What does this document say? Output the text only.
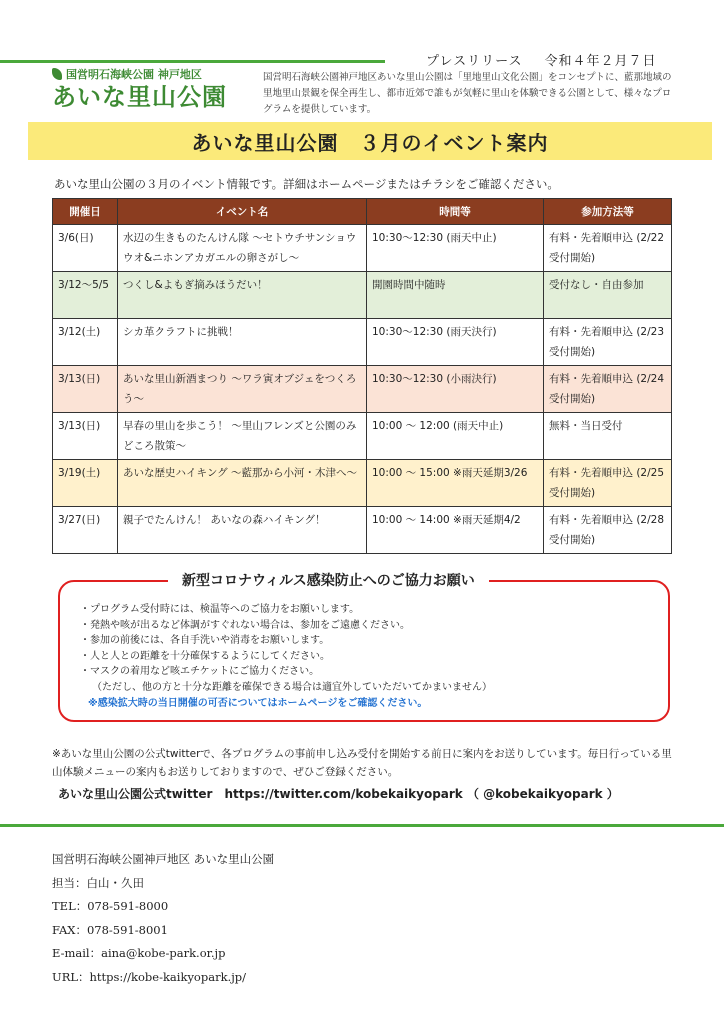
プレスリリース 令和４年２月７日
国営明石海峡公園 神戸地区
あいな里山公園
国営明石海峡公園神戸地区あいな里山公園は「里地里山文化公園」をコンセプトに、藍那地域の里地里山景観を保全再生し、都市近郊で誰もが気軽に里山を体験できる公園として、様々なプログラムを提供しています。
あいな里山公園　３月のイベント案内
あいな里山公園の３月のイベント情報です。詳細はホームページまたはチラシをご確認ください。
開催日	イベント名	時間等	参加方法等
3/6(日)	水辺の生きものたんけん隊 ～セトウチサンショウウオ&ニホンアカガエルの卵さがし～	10:30～12:30 (雨天中止)	有料・先着順申込 (2/22 受付開始)
3/12～5/5	つくし&よもぎ摘みほうだい！	開園時間中随時	受付なし・自由参加
3/12(土)	シカ革クラフトに挑戦！	10:30～12:30 (雨天決行)	有料・先着順申込 (2/23 受付開始)
3/13(日)	あいな里山新酒まつり ～ワラ寅オブジェをつくろう～	10:30～12:30 (小雨決行)	有料・先着順申込 (2/24 受付開始)
3/13(日)	早春の里山を歩こう！ ～里山フレンズと公園のみどころ散策～	10:00 ～ 12:00 (雨天中止)	無料・当日受付
3/19(土)	あいな歴史ハイキング ～藍那から小河・木津へ～	10:00 ～ 15:00 ※雨天延期3/26	有料・先着順申込 (2/25 受付開始)
3/27(日)	親子でたんけん！ あいなの森ハイキング！	10:00 ～ 14:00 ※雨天延期4/2	有料・先着順申込 (2/28 受付開始)
新型コロナウィルス感染防止へのご協力お願い
・プログラム受付時には、検温等へのご協力をお願いします。
・発熱や咳が出るなど体調がすぐれない場合は、参加をご遠慮ください。
・参加の前後には、各自手洗いや消毒をお願いします。
・人と人との距離を十分確保するようにしてください。
・マスクの着用など咳エチケットにご協力ください。
（ただし、他の方と十分な距離を確保できる場合は適宜外していただいてかまいません）
※感染拡大時の当日開催の可否についてはホームページをご確認ください。
※あいな里山公園の公式twitterで、各プログラムの事前申し込み受付を開始する前日に案内をお送りしています。毎日行っている里山体験メニューの案内もお送りしておりますので、ぜひご登録ください。
あいな里山公園公式twitter　https://twitter.com/kobekaikyopark （ @kobekaikyopark ）
国営明石海峡公園神戸地区 あいな里山公園
担当：白山・久田
TEL：078-591-8000
FAX：078-591-8001
E-mail：aina@kobe-park.or.jp
URL：https://kobe-kaikyopark.jp/
